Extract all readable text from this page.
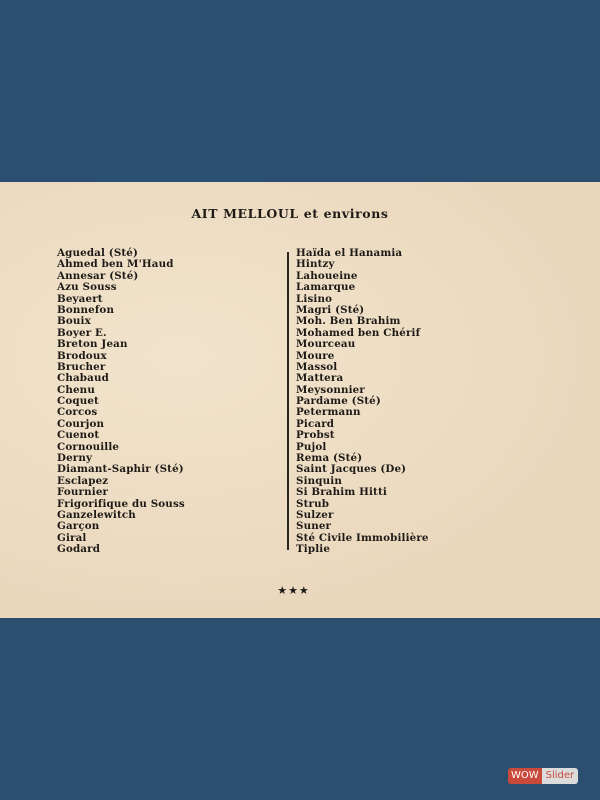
AIT MELLOUL et environs
Aguedal (Sté)
Ahmed ben M'Haud
Annesar (Sté)
Azu Souss
Beyaert
Bonnefon
Bouix
Boyer E.
Breton Jean
Brodoux
Brucher
Chabaud
Chenu
Coquet
Corcos
Courjon
Cuenot
Cornouille
Derny
Diamant-Saphir (Sté)
Esclapez
Fournier
Frigorifique du Souss
Ganzelewitch
Garçon
Giral
Godard
Haïda el Hanamia
Hintzy
Lahoueine
Lamarque
Lisino
Magri (Sté)
Moh. Ben Brahim
Mohamed ben Chérif
Mourceau
Moure
Massol
Mattera
Meysonnier
Pardame (Sté)
Petermann
Picard
Probst
Pujol
Rema (Sté)
Saint Jacques (De)
Sinquin
Si Brahim Hitti
Strub
Sulzer
Suner
Sté Civile Immobilière
Tiplie
★★★
WOW Slider
